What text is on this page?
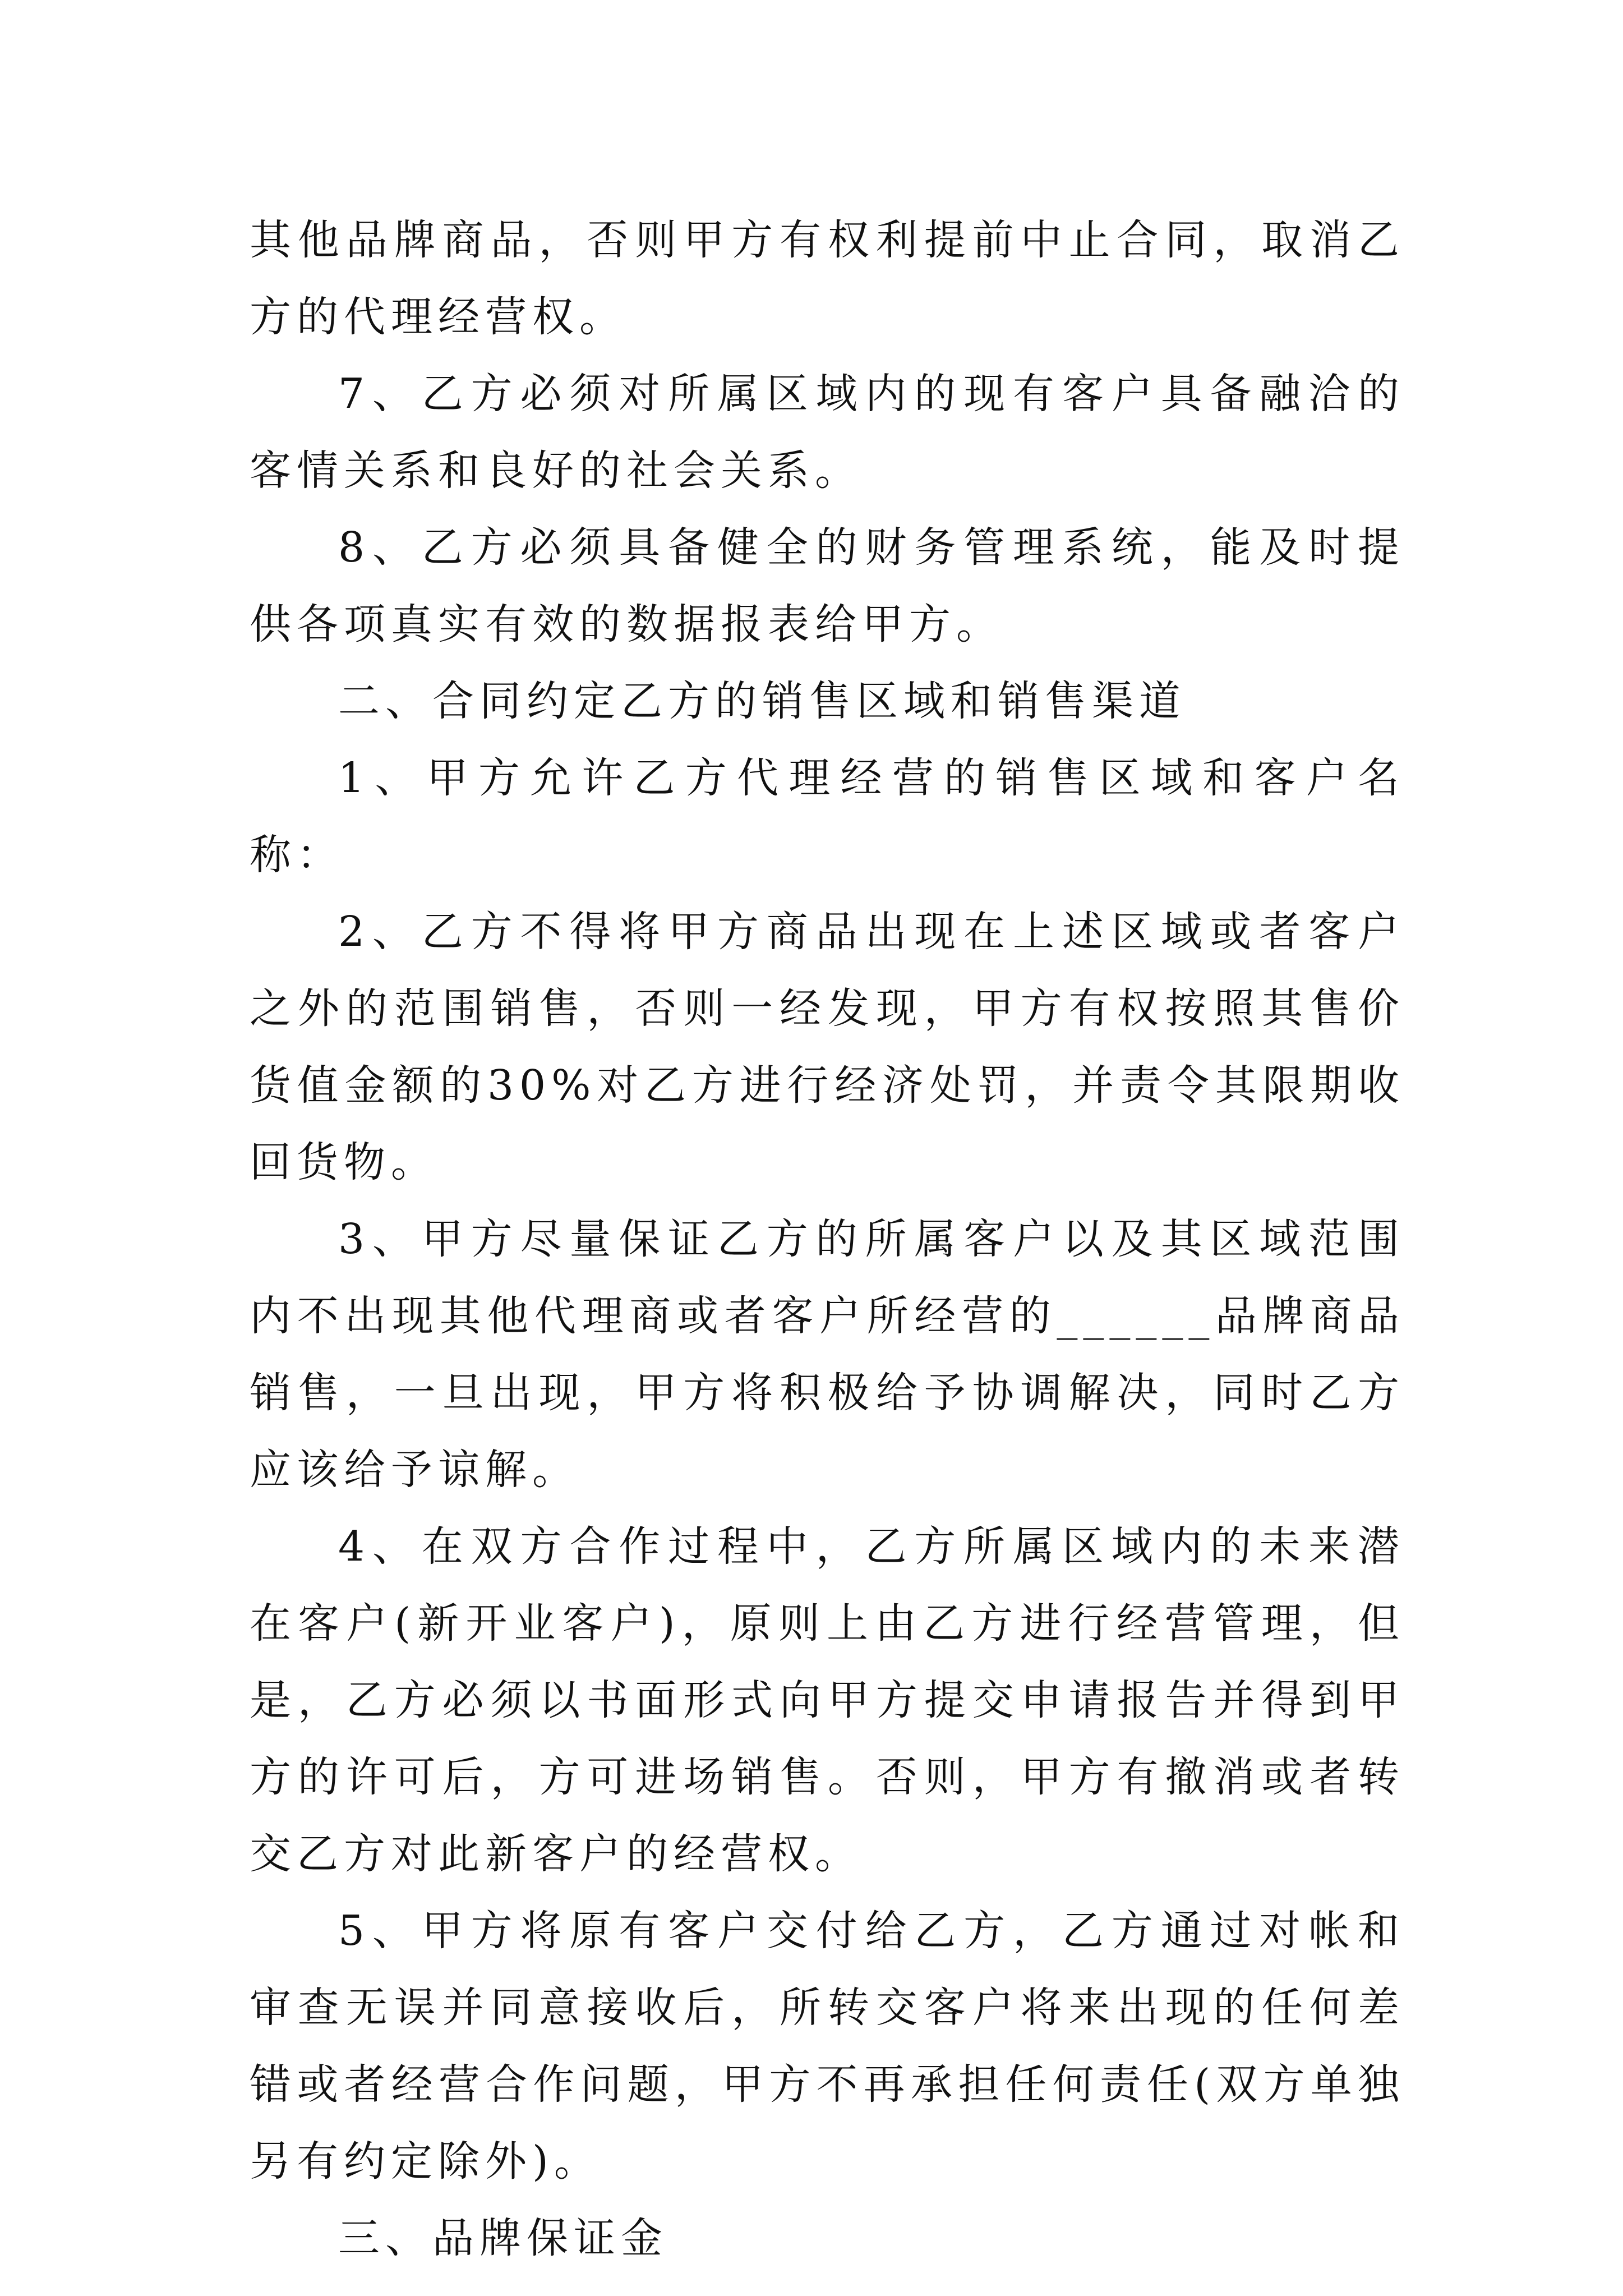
其他品牌商品，否则甲方有权利提前中止合同，取消乙方的代理经营权。

7、乙方必须对所属区域内的现有客户具备融洽的客情关系和良好的社会关系。

8、乙方必须具备健全的财务管理系统，能及时提供各项真实有效的数据报表给甲方。

二、合同约定乙方的销售区域和销售渠道

1、甲方允许乙方代理经营的销售区域和客户名称：

2、乙方不得将甲方商品出现在上述区域或者客户之外的范围销售，否则一经发现，甲方有权按照其售价货值金额的30%对乙方进行经济处罚，并责令其限期收回货物。

3、甲方尽量保证乙方的所属客户以及其区域范围内不出现其他代理商或者客户所经营的______品牌商品销售，一旦出现，甲方将积极给予协调解决，同时乙方应该给予谅解。

4、在双方合作过程中，乙方所属区域内的未来潜在客户(新开业客户)，原则上由乙方进行经营管理，但是，乙方必须以书面形式向甲方提交申请报告并得到甲方的许可后，方可进场销售。否则，甲方有撤消或者转交乙方对此新客户的经营权。

5、甲方将原有客户交付给乙方，乙方通过对帐和审查无误并同意接收后，所转交客户将来出现的任何差错或者经营合作问题，甲方不再承担任何责任(双方单独另有约定除外)。

三、品牌保证金
